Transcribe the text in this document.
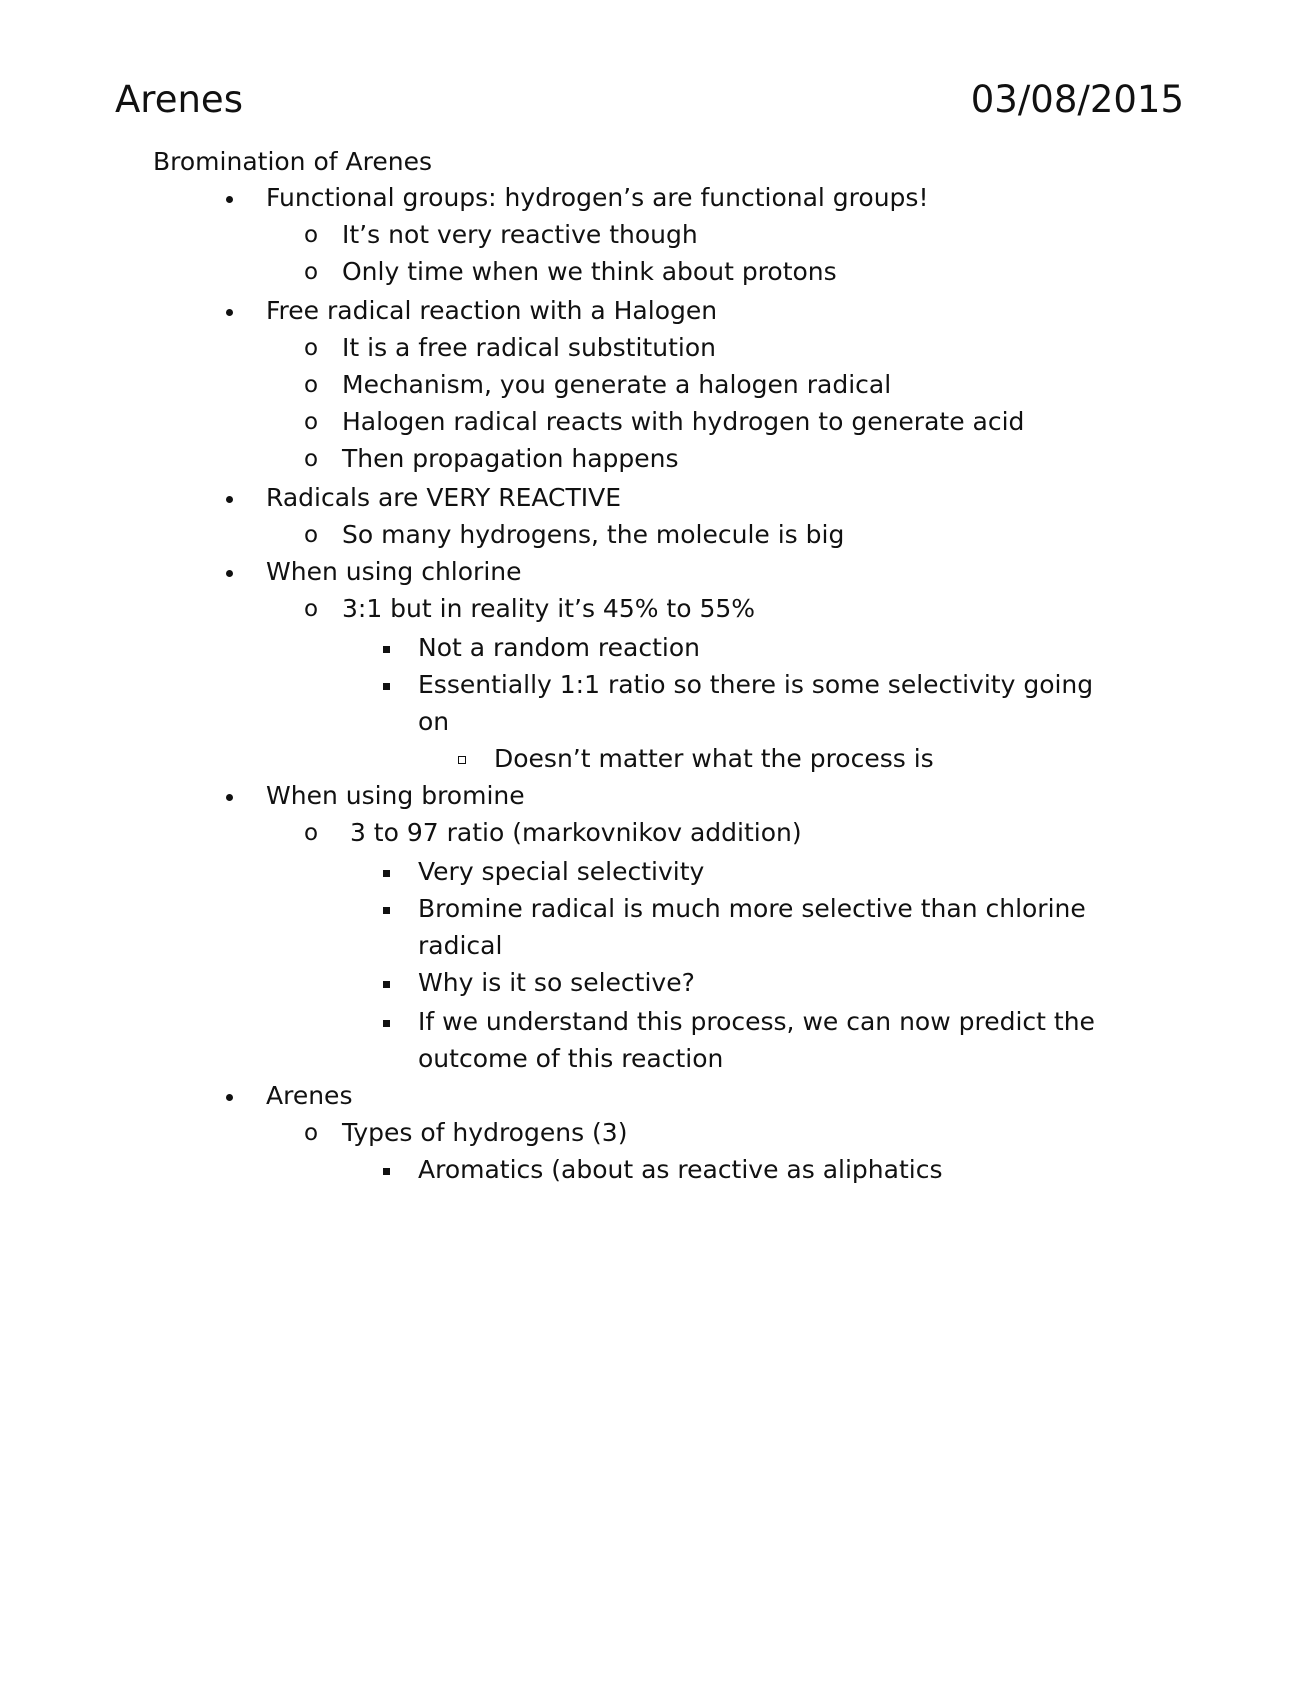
Arenes	03/08/2015
Bromination of Arenes
Functional groups: hydrogen’s are functional groups!
o It’s not very reactive though
o Only time when we think about protons
Free radical reaction with a Halogen
o It is a free radical substitution
o Mechanism, you generate a halogen radical
o Halogen radical reacts with hydrogen to generate acid
o Then propagation happens
Radicals are VERY REACTIVE
o So many hydrogens, the molecule is big
When using chlorine
o 3:1 but in reality it’s 45% to 55%
Not a random reaction
Essentially 1:1 ratio so there is some selectivity going
on
Doesn’t matter what the process is
When using bromine
o 3 to 97 ratio (markovnikov addition)
Very special selectivity
Bromine radical is much more selective than chlorine
radical
Why is it so selective?
If we understand this process, we can now predict the
outcome of this reaction
Arenes
o Types of hydrogens (3)
Aromatics (about as reactive as aliphatics
